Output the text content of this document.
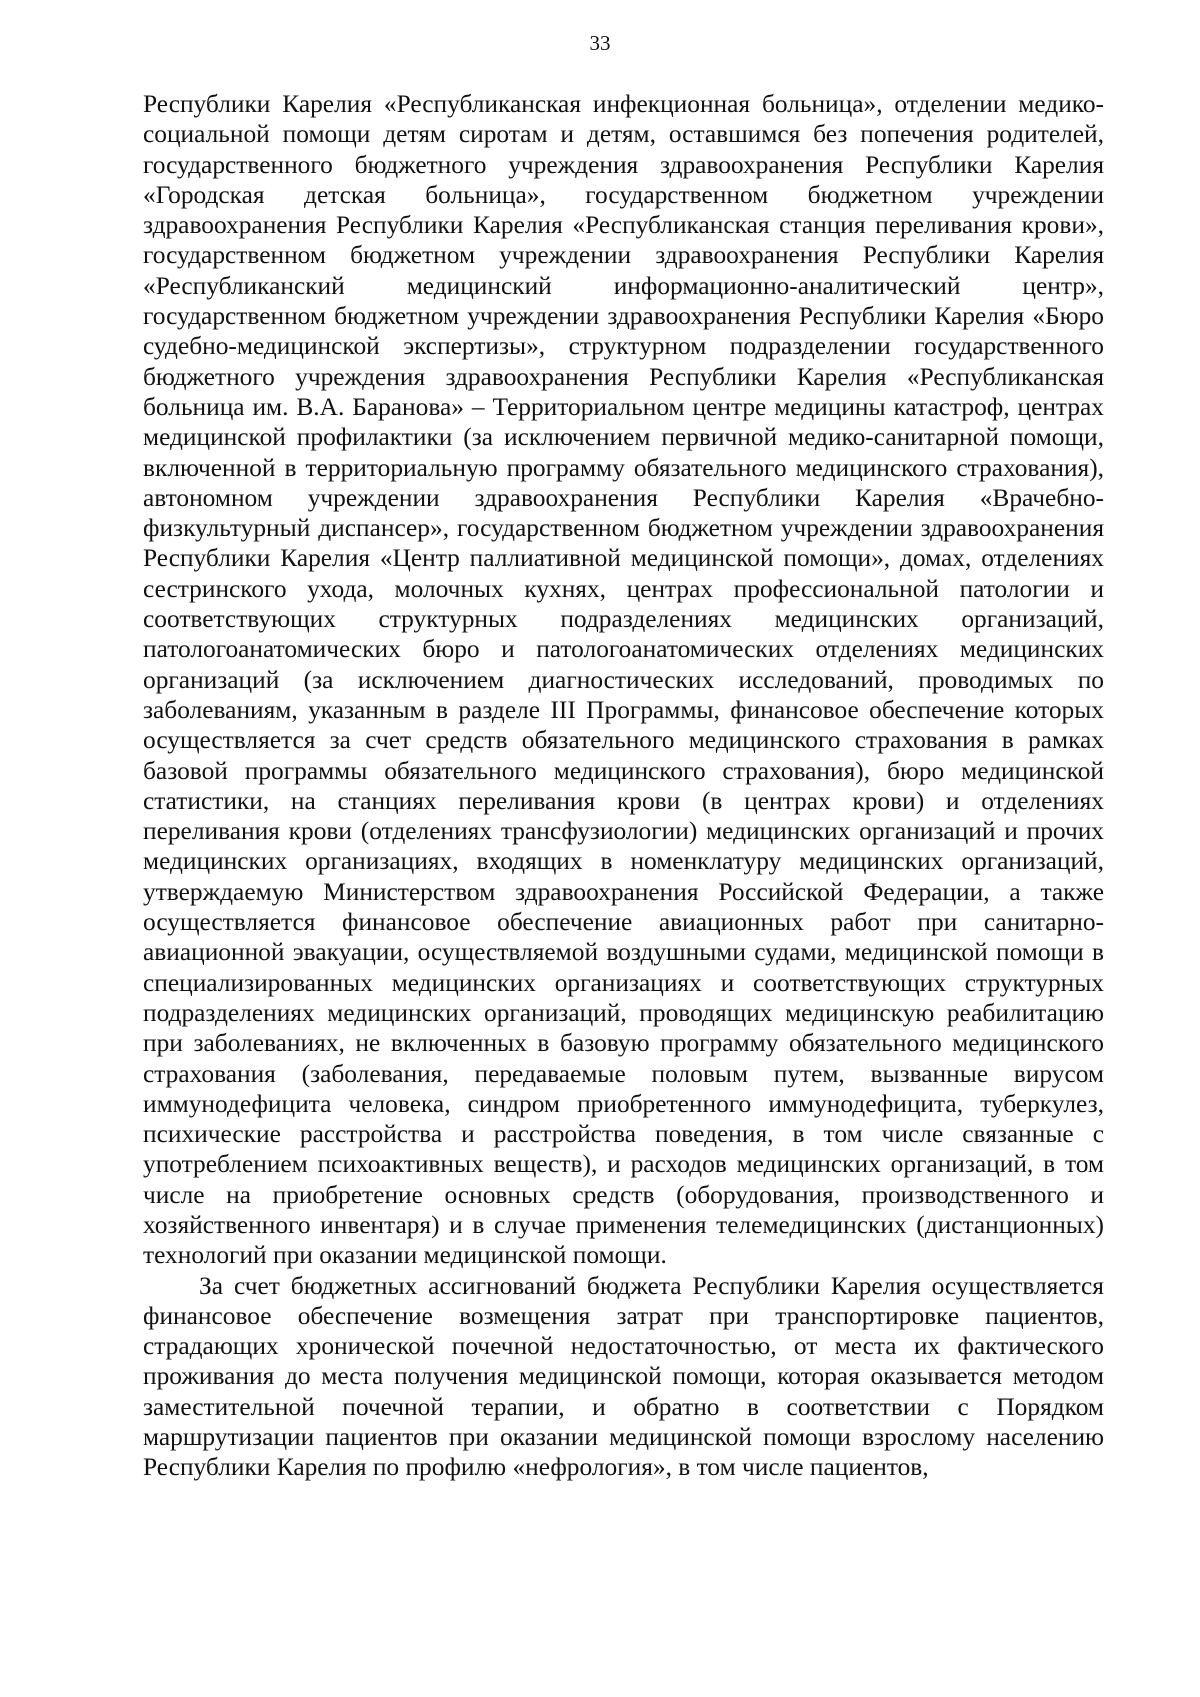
33

Республики Карелия «Республиканская инфекционная больница», отделении медико-социальной помощи детям сиротам и детям, оставшимся без попечения родителей, государственного бюджетного учреждения здравоохранения Республики Карелия «Городская детская больница», государственном бюджетном учреждении здравоохранения Республики Карелия «Республиканская станция переливания крови», государственном бюджетном учреждении здравоохранения Республики Карелия «Республиканский медицинский информационно-аналитический центр», государственном бюджетном учреждении здравоохранения Республики Карелия «Бюро судебно-медицинской экспертизы», структурном подразделении государственного бюджетного учреждения здравоохранения Республики Карелия «Республиканская больница им. В.А. Баранова» – Территориальном центре медицины катастроф, центрах медицинской профилактики (за исключением первичной медико-санитарной помощи, включенной в территориальную программу обязательного медицинского страхования), автономном учреждении здравоохранения Республики Карелия «Врачебно-физкультурный диспансер», государственном бюджетном учреждении здравоохранения Республики Карелия «Центр паллиативной медицинской помощи», домах, отделениях сестринского ухода, молочных кухнях, центрах профессиональной патологии и соответствующих структурных подразделениях медицинских организаций, патологоанатомических бюро и патологоанатомических отделениях медицинских организаций (за исключением диагностических исследований, проводимых по заболеваниям, указанным в разделе III Программы, финансовое обеспечение которых осуществляется за счет средств обязательного медицинского страхования в рамках базовой программы обязательного медицинского страхования), бюро медицинской статистики, на станциях переливания крови (в центрах крови) и отделениях переливания крови (отделениях трансфузиологии) медицинских организаций и прочих медицинских организациях, входящих в номенклатуру медицинских организаций, утверждаемую Министерством здравоохранения Российской Федерации, а также осуществляется финансовое обеспечение авиационных работ при санитарно-авиационной эвакуации, осуществляемой воздушными судами, медицинской помощи в специализированных медицинских организациях и соответствующих структурных подразделениях медицинских организаций, проводящих медицинскую реабилитацию при заболеваниях, не включенных в базовую программу обязательного медицинского страхования (заболевания, передаваемые половым путем, вызванные вирусом иммунодефицита человека, синдром приобретенного иммунодефицита, туберкулез, психические расстройства и расстройства поведения, в том числе связанные с употреблением психоактивных веществ), и расходов медицинских организаций, в том числе на приобретение основных средств (оборудования, производственного и хозяйственного инвентаря) и в случае применения телемедицинских (дистанционных) технологий при оказании медицинской помощи.

За счет бюджетных ассигнований бюджета Республики Карелия осуществляется финансовое обеспечение возмещения затрат при транспортировке пациентов, страдающих хронической почечной недостаточностью, от места их фактического проживания до места получения медицинской помощи, которая оказывается методом заместительной почечной терапии, и обратно в соответствии с Порядком маршрутизации пациентов при оказании медицинской помощи взрослому населению Республики Карелия по профилю «нефрология», в том числе пациентов,
